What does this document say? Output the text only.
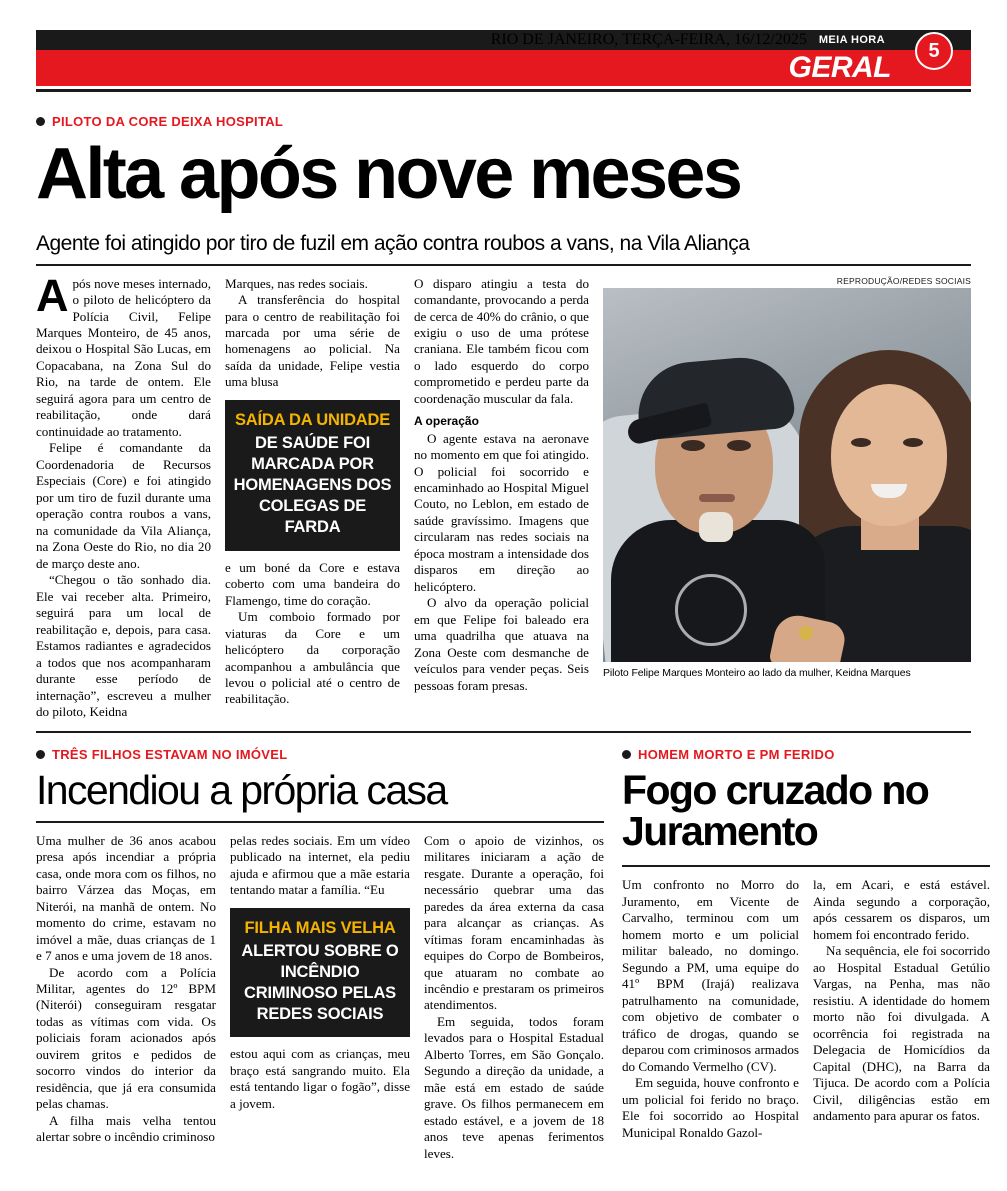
RIO DE JANEIRO, TERÇA-FEIRA, 16/12/2025 MEIA HORA
GERAL
5
PILOTO DA CORE DEIXA HOSPITAL
Alta após nove meses
Agente foi atingido por tiro de fuzil em ação contra roubos a vans, na Vila Aliança

Após nove meses internado, o piloto de helicóptero da Polícia Civil, Felipe Marques Monteiro, de 45 anos, deixou o Hospital São Lucas, em Copacabana, na Zona Sul do Rio, na tarde de ontem. Ele seguirá agora para um centro de reabilitação, onde dará continuidade ao tratamento.

Felipe é comandante da Coordenadoria de Recursos Especiais (Core) e foi atingido por um tiro de fuzil durante uma operação contra roubos a vans, na comunidade da Vila Aliança, na Zona Oeste do Rio, no dia 20 de março deste ano.

“Chegou o tão sonhado dia. Ele vai receber alta. Primeiro, seguirá para um local de reabilitação e, depois, para casa. Estamos radiantes e agradecidos a todos que nos acompanharam durante esse período de internação”, escreveu a mulher do piloto, Keidna

Marques, nas redes sociais.

A transferência do hospital para o centro de reabilitação foi marcada por uma série de homenagens ao policial. Na saída da unidade, Felipe vestia uma blusa

SAÍDA DA UNIDADE
DE SAÚDE FOI MARCADA POR HOMENAGENS DOS COLEGAS DE FARDA

e um boné da Core e estava coberto com uma bandeira do Flamengo, time do coração.

Um comboio formado por viaturas da Core e um helicóptero da corporação acompanhou a ambulância que levou o policial até o centro de reabilitação.

O disparo atingiu a testa do comandante, provocando a perda de cerca de 40% do crânio, o que exigiu o uso de uma prótese craniana. Ele também ficou com o lado esquerdo do corpo comprometido e perdeu parte da coordenação muscular da fala.

A operação

O agente estava na aeronave no momento em que foi atingido. O policial foi socorrido e encaminhado ao Hospital Miguel Couto, no Leblon, em estado de saúde gravíssimo. Imagens que circularam nas redes sociais na época mostram a intensidade dos disparos em direção ao helicóptero.

O alvo da operação policial em que Felipe foi baleado era uma quadrilha que atuava na Zona Oeste com desmanche de veículos para vender peças. Seis pessoas foram presas.

REPRODUÇÃO/REDES SOCIAIS
Piloto Felipe Marques Monteiro ao lado da mulher, Keidna Marques
TRÊS FILHOS ESTAVAM NO IMÓVEL
Incendiou a própria casa

Uma mulher de 36 anos acabou presa após incendiar a própria casa, onde mora com os filhos, no bairro Várzea das Moças, em Niterói, na manhã de ontem. No momento do crime, estavam no imóvel a mãe, duas crianças de 1 e 7 anos e uma jovem de 18 anos.

De acordo com a Polícia Militar, agentes do 12º BPM (Niterói) conseguiram resgatar todas as vítimas com vida. Os policiais foram acionados após ouvirem gritos e pedidos de socorro vindos do interior da residência, que já era consumida pelas chamas.

A filha mais velha tentou alertar sobre o incêndio criminoso

pelas redes sociais. Em um vídeo publicado na internet, ela pediu ajuda e afirmou que a mãe estaria tentando matar a família. “Eu

FILHA MAIS VELHA
ALERTOU SOBRE O INCÊNDIO CRIMINOSO PELAS REDES SOCIAIS

estou aqui com as crianças, meu braço está sangrando muito. Ela está tentando ligar o fogão”, disse a jovem.

Com o apoio de vizinhos, os militares iniciaram a ação de resgate. Durante a operação, foi necessário quebrar uma das paredes da área externa da casa para alcançar as crianças. As vítimas foram encaminhadas às equipes do Corpo de Bombeiros, que atuaram no combate ao incêndio e prestaram os primeiros atendimentos.

Em seguida, todos foram levados para o Hospital Estadual Alberto Torres, em São Gonçalo. Segundo a direção da unidade, a mãe está em estado de saúde grave. Os filhos permanecem em estado estável, e a jovem de 18 anos teve apenas ferimentos leves.

HOMEM MORTO E PM FERIDO
Fogo cruzado no Juramento

Um confronto no Morro do Juramento, em Vicente de Carvalho, terminou com um homem morto e um policial militar baleado, no domingo. Segundo a PM, uma equipe do 41º BPM (Irajá) realizava patrulhamento na comunidade, com objetivo de combater o tráfico de drogas, quando se deparou com criminosos armados do Comando Vermelho (CV).

Em seguida, houve confronto e um policial foi ferido no braço. Ele foi socorrido ao Hospital Municipal Ronaldo Gazol-

la, em Acari, e está estável. Ainda segundo a corporação, após cessarem os disparos, um homem foi encontrado ferido.

Na sequência, ele foi socorrido ao Hospital Estadual Getúlio Vargas, na Penha, mas não resistiu. A identidade do homem morto não foi divulgada. A ocorrência foi registrada na Delegacia de Homicídios da Capital (DHC), na Barra da Tijuca. De acordo com a Polícia Civil, diligências estão em andamento para apurar os fatos.
